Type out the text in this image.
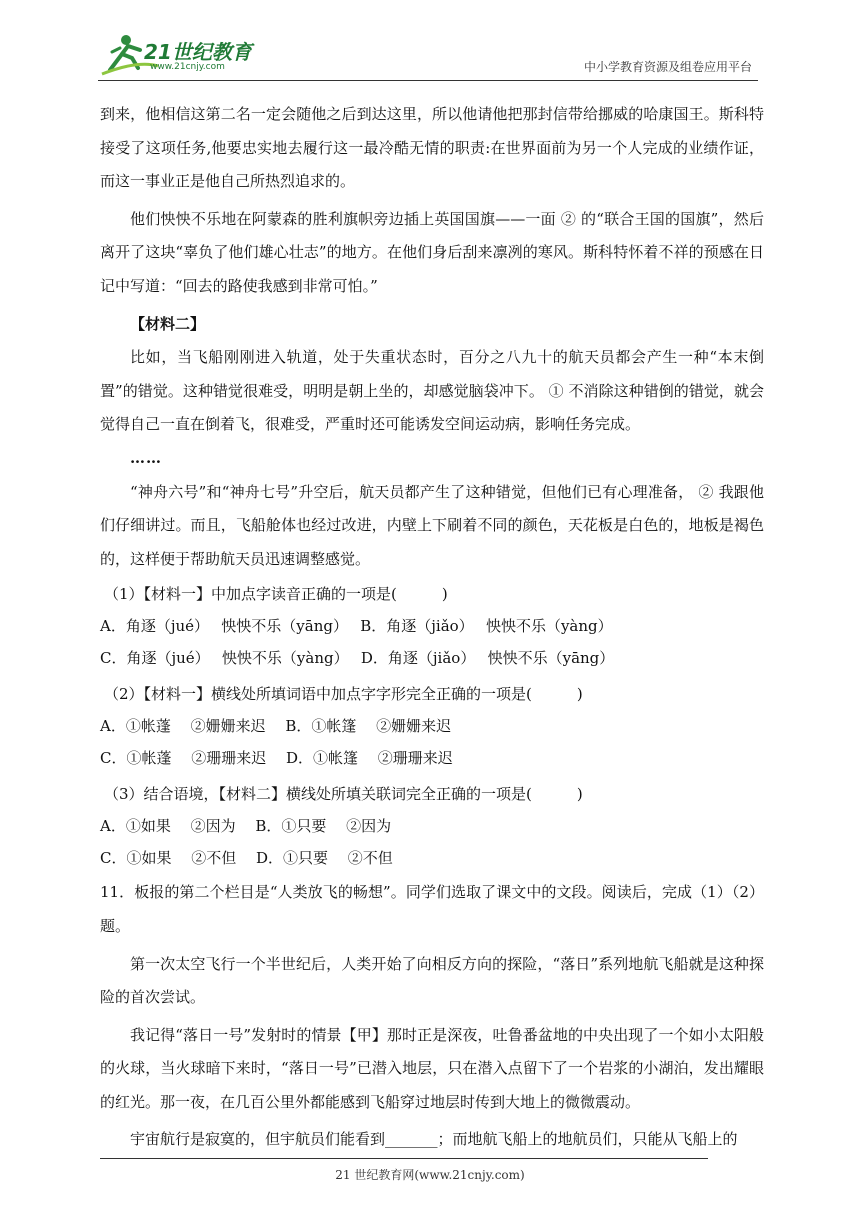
21世纪教育
www.21cnjy.com	中小学教育资源及组卷应用平台

到来，他相信这第二名一定会随他之后到达这里，所以他请他把那封信带给挪威的哈康国王。斯科特接受了这项任务,他要忠实地去履行这一最冷酷无情的职责:在世界面前为另一个人完成的业绩作证，而这一事业正是他自己所热烈追求的。

他们怏怏不乐地在阿蒙森的胜利旗帜旁边插上英国国旗——一面 ② 的“联合王国的国旗”，然后离开了这块“辜负了他们雄心壮志”的地方。在他们身后刮来凛冽的寒风。斯科特怀着不祥的预感在日记中写道：“回去的路使我感到非常可怕。”

【材料二】

比如，当飞船刚刚进入轨道，处于失重状态时，百分之八九十的航天员都会产生一种“本末倒置”的错觉。这种错觉很难受，明明是朝上坐的，却感觉脑袋冲下。 ① 不消除这种错倒的错觉，就会觉得自己一直在倒着飞，很难受，严重时还可能诱发空间运动病，影响任务完成。

……

“神舟六号”和“神舟七号”升空后，航天员都产生了这种错觉，但他们已有心理准备， ② 我跟他们仔细讲过。而且，飞船舱体也经过改进，内壁上下刷着不同的颜色，天花板是白色的，地板是褐色的，这样便于帮助航天员迅速调整感觉。

（1）【材料一】中加点字读音正确的一项是(　　　)

A．角逐（jué）　 怏怏不乐（yāng）　 B．角逐（jiǎo）　 怏怏不乐（yàng）

C．角逐（jué）　 怏怏不乐（yàng）　 D．角逐（jiǎo）　 怏怏不乐（yāng）

（2）【材料一】横线处所填词语中加点字字形完全正确的一项是(　　　)

A．①帐蓬　 ②姗姗来迟　 B．①帐篷　 ②姗姗来迟

C．①帐蓬　 ②珊珊来迟　 D．①帐篷　 ②珊珊来迟

（3）结合语境，【材料二】横线处所填关联词完全正确的一项是(　　　)

A．①如果　 ②因为　 B．①只要　 ②因为

C．①如果　 ②不但　 D．①只要　 ②不但

11．板报的第二个栏目是“人类放飞的畅想”。同学们选取了课文中的文段。阅读后，完成（1）（2）题。

第一次太空飞行一个半世纪后，人类开始了向相反方向的探险，“落日”系列地航飞船就是这种探险的首次尝试。

我记得“落日一号”发射时的情景【甲】那时正是深夜，吐鲁番盆地的中央出现了一个如小太阳般的火球，当火球暗下来时，“落日一号”已潜入地层，只在潜入点留下了一个岩浆的小湖泊，发出耀眼的红光。那一夜，在几百公里外都能感到飞船穿过地层时传到大地上的微微震动。

宇宙航行是寂寞的，但宇航员们能看到_______；而地航飞船上的地航员们，只能从飞船上的

21 世纪教育网(www.21cnjy.com)
